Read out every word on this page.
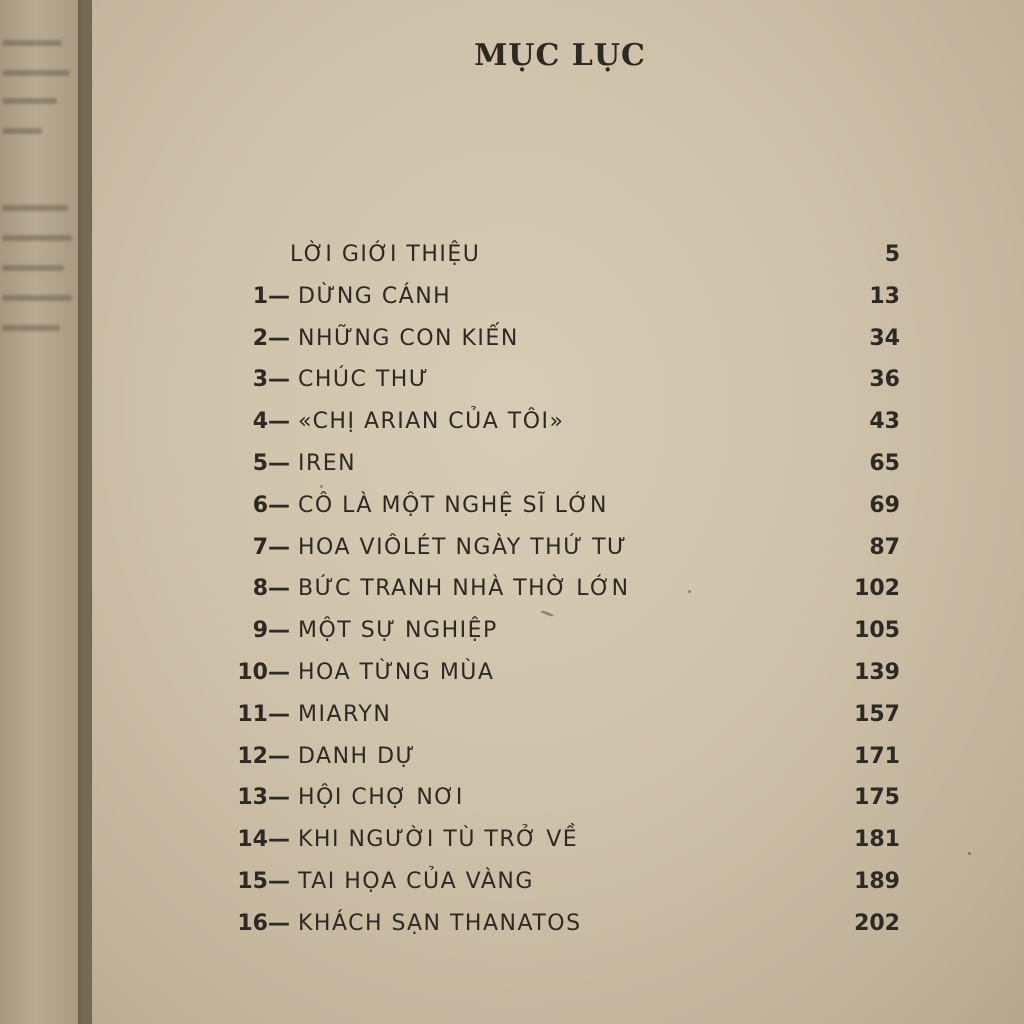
MỤC LỤC
LỜI GIỚI THIỆU	5
1— DỪNG CÁNH	13
2— NHỮNG CON KIẾN	34
3— CHÚC THƯ	36
4— «CHỊ ARIAN CỦA TÔI»	43
5— IREN	65
6— CÔ LÀ MỘT NGHỆ SĨ LỚN	69
7— HOA VIÔLÉT NGÀY THỨ TƯ	87
8— BỨC TRANH NHÀ THỜ LỚN	102
9— MỘT SỰ NGHIỆP	105
10— HOA TỪNG MÙA	139
11— MIARYN	157
12— DANH DỰ	171
13— HỘI CHỢ NƠI	175
14— KHI NGƯỜI TÙ TRỞ VỀ	181
15— TAI HỌA CỦA VÀNG	189
16— KHÁCH SẠN THANATOS	202
